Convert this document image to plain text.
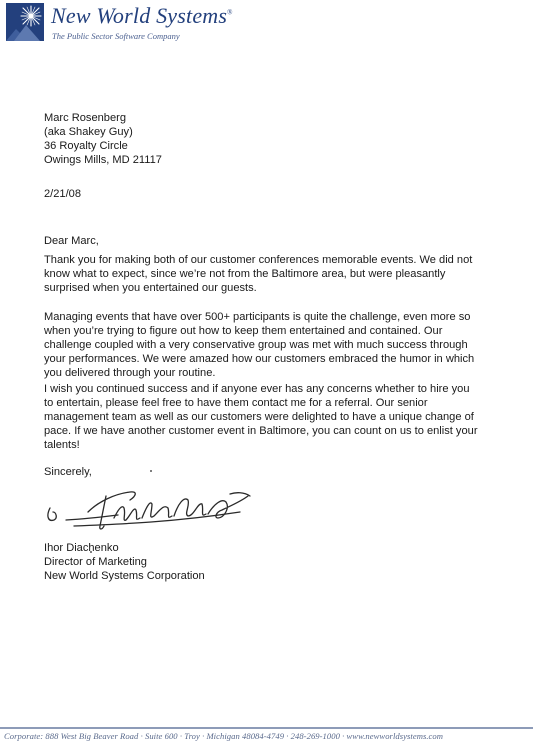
New World Systems®
The Public Sector Software Company
Marc Rosenberg
(aka Shakey Guy)
36 Royalty Circle
Owings Mills, MD 21117
2/21/08
Dear Marc,
Thank you for making both of our customer conferences memorable events. We did not
know what to expect, since we’re not from the Baltimore area, but were pleasantly
surprised when you entertained our guests.
Managing events that have over 500+ participants is quite the challenge, even more so
when you’re trying to figure out how to keep them entertained and contained. Our
challenge coupled with a very conservative group was met with much success through
your performances. We were amazed how our customers embraced the humor in which
you delivered through your routine.
I wish you continued success and if anyone ever has any concerns whether to hire you
to entertain, please feel free to have them contact me for a referral. Our senior
management team as well as our customers were delighted to have a unique change of
pace. If we have another customer event in Baltimore, you can count on us to enlist your
talents!
Sincerely,
Ihor Diachenko
Director of Marketing
New World Systems Corporation
Corporate: 888 West Big Beaver Road · Suite 600 · Troy · Michigan 48084-4749 · 248-269-1000 · www.newworldsystems.com
